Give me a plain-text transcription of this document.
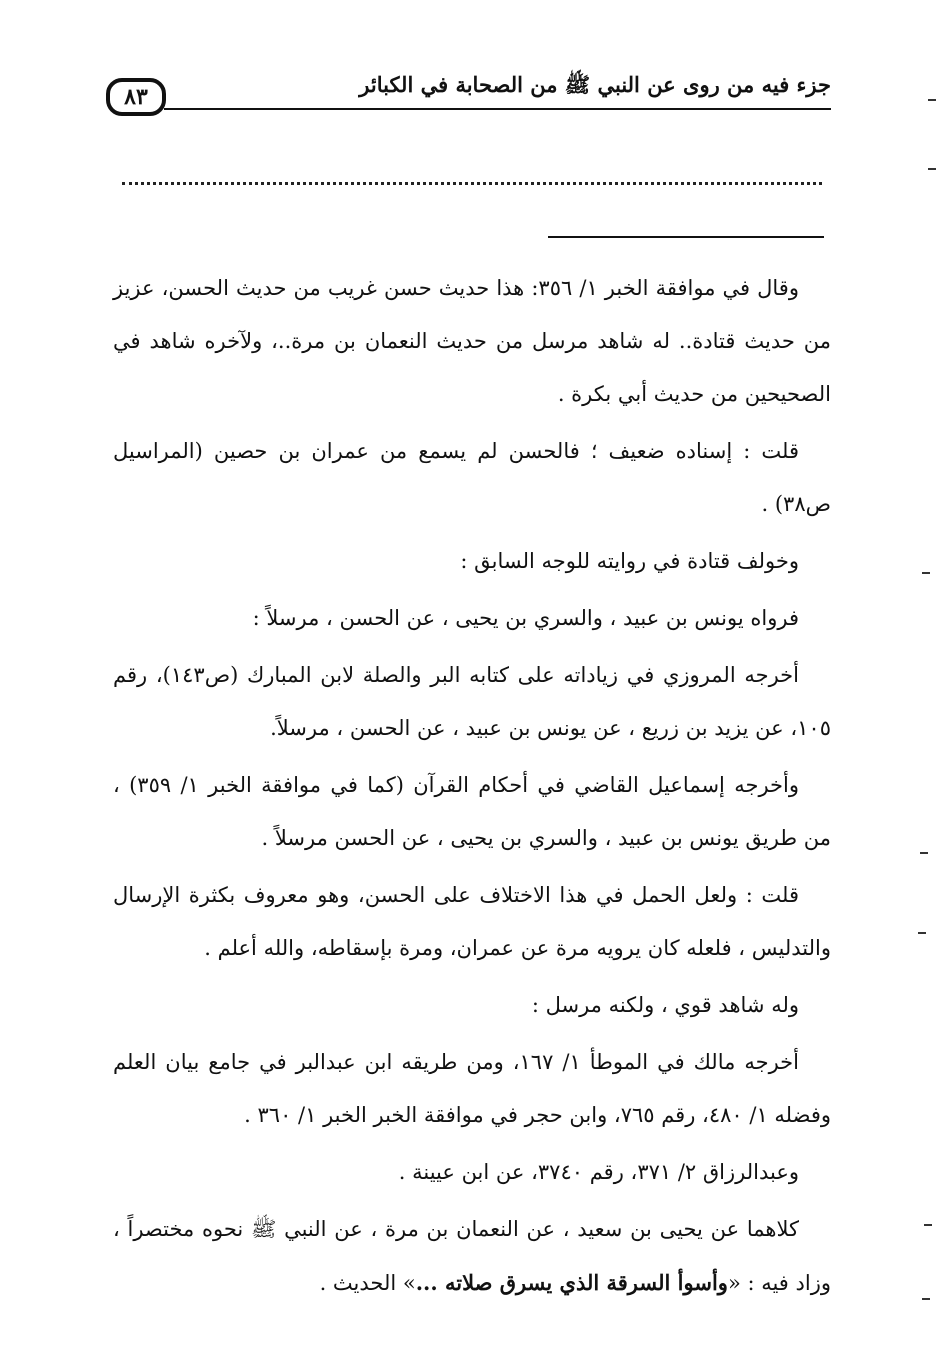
٨٣	جزء فيه من روى عن النبي ﷺ من الصحابة في الكبائر

وقال في موافقة الخبر ١/ ٣٥٦: هذا حديث حسن غريب من حديث الحسن، عزيز من حديث قتادة.. له شاهد مرسل من حديث النعمان بن مرة..، ولآخره شاهد في الصحيحين من حديث أبي بكرة .

قلت : إسناده ضعيف ؛ فالحسن لم يسمع من عمران بن حصين (المراسيل ص٣٨) .

وخولف قتادة في روايته للوجه السابق :

فرواه يونس بن عبيد ، والسري بن يحيى ، عن الحسن ، مرسلاً :

أخرجه المروزي في زياداته على كتابه البر والصلة لابن المبارك (ص١٤٣)، رقم ١٠٥، عن يزيد بن زريع ، عن يونس بن عبيد ، عن الحسن ، مرسلاً.

وأخرجه إسماعيل القاضي في أحكام القرآن (كما في موافقة الخبر ١/ ٣٥٩) ، من طريق يونس بن عبيد ، والسري بن يحيى ، عن الحسن مرسلاً .

قلت : ولعل الحمل في هذا الاختلاف على الحسن، وهو معروف بكثرة الإرسال والتدليس ، فلعله كان يرويه مرة عن عمران، ومرة بإسقاطه، والله أعلم .

وله شاهد قوي ، ولكنه مرسل :

أخرجه مالك في الموطأ ١/ ١٦٧، ومن طريقه ابن عبدالبر في جامع بيان العلم وفضله ١/ ٤٨٠، رقم ٧٦٥، وابن حجر في موافقة الخبر الخبر ١/ ٣٦٠ .

وعبدالرزاق ٢/ ٣٧١، رقم ٣٧٤٠، عن ابن عيينة .

كلاهما عن يحيى بن سعيد ، عن النعمان بن مرة ، عن النبي ﷺ نحوه مختصراً ، وزاد فيه : «وأسوأ السرقة الذي يسرق صلاته ...» الحديث .
